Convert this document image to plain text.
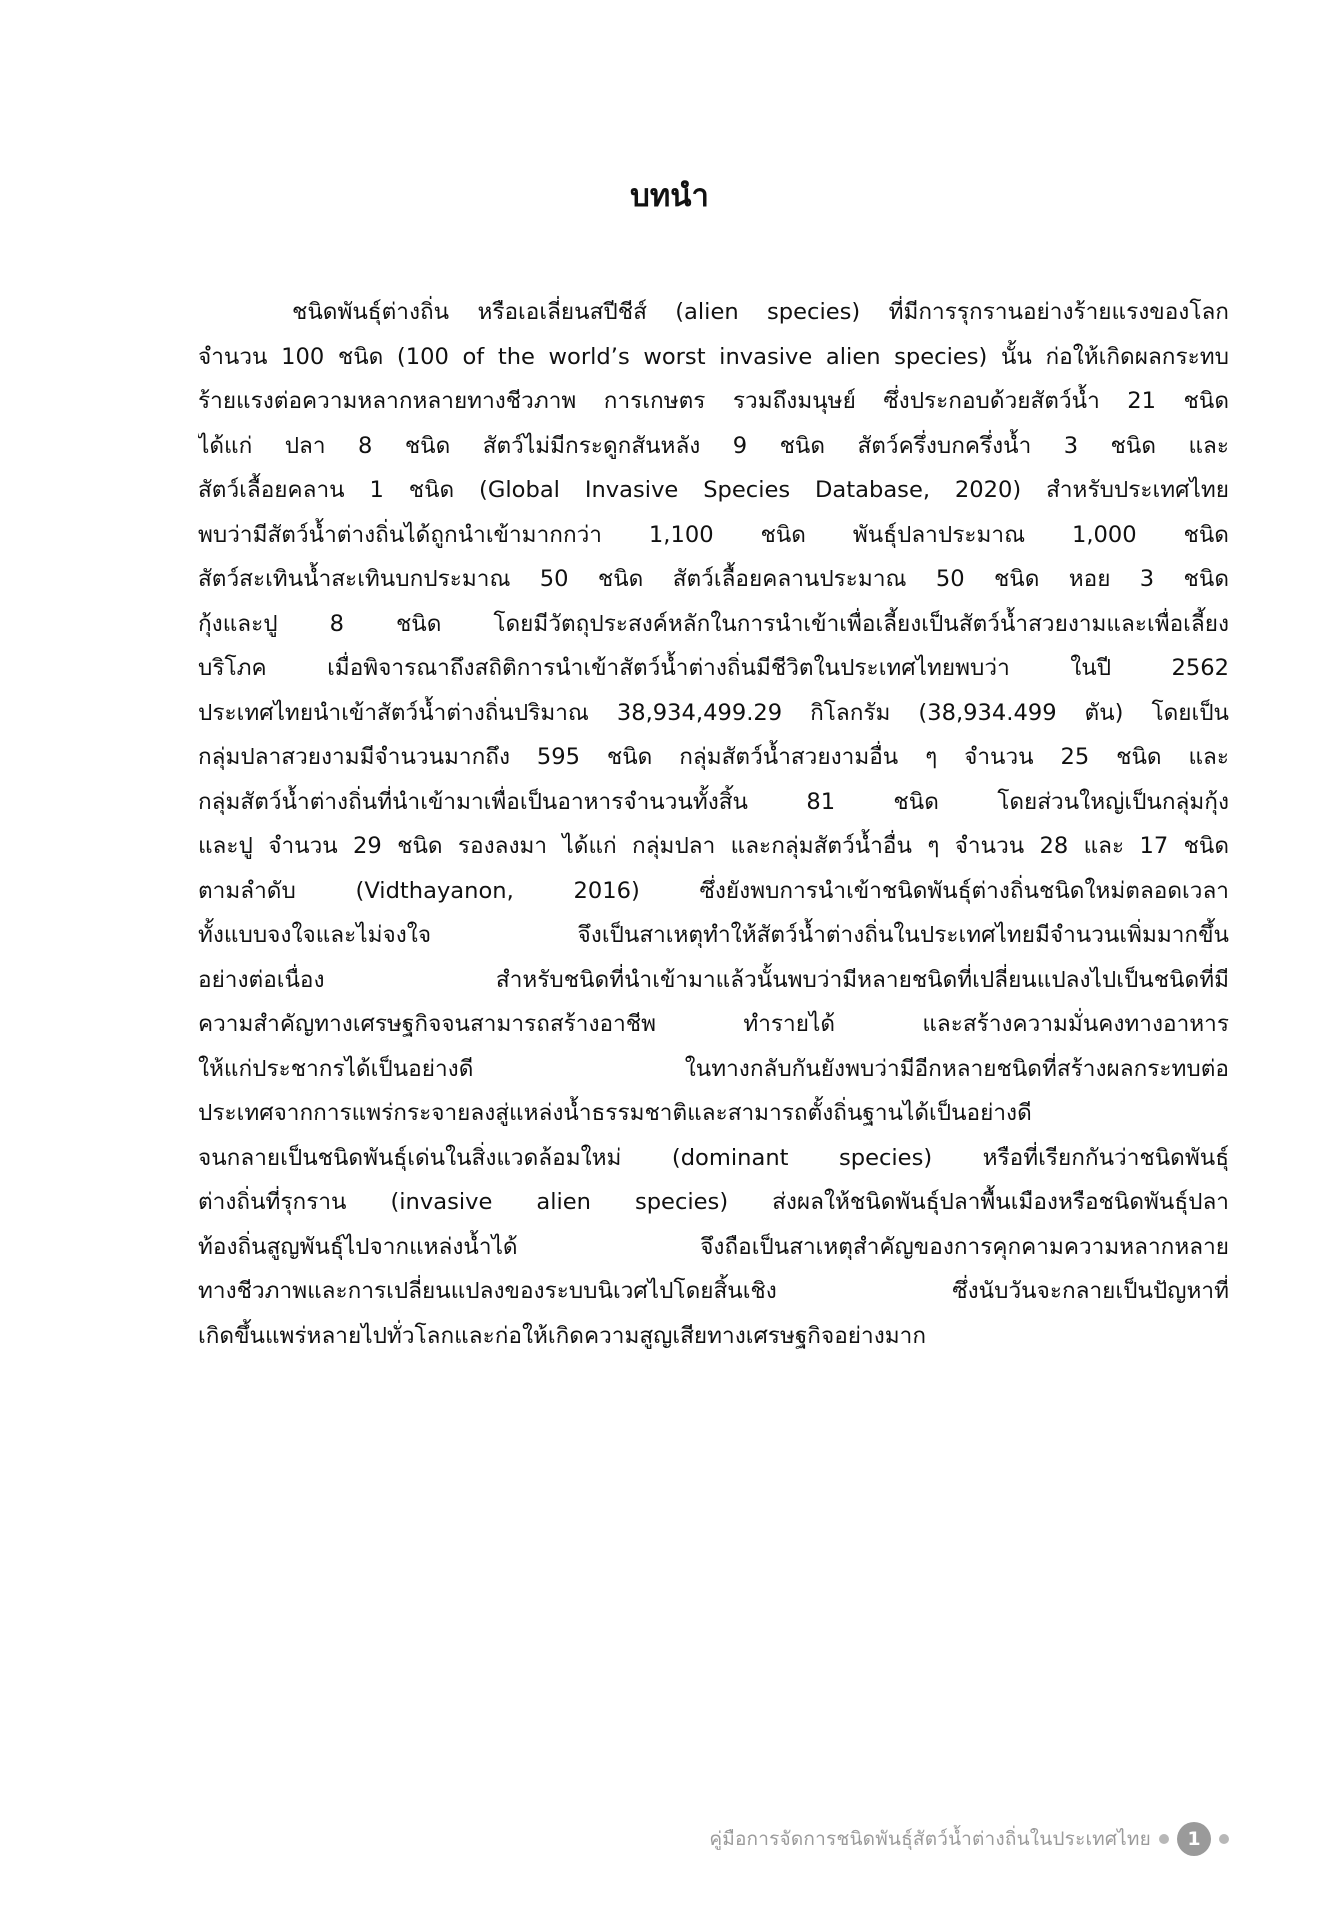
บทนำ
ชนิดพันธุ์ต่างถิ่น หรือเอเลี่ยนสปีชีส์ (alien species) ที่มีการรุกรานอย่างร้ายแรงของโลก
จำนวน 100 ชนิด (100 of the world’s worst invasive alien species) นั้น ก่อให้เกิดผลกระทบ
ร้ายแรงต่อความหลากหลายทางชีวภาพ การเกษตร รวมถึงมนุษย์ ซึ่งประกอบด้วยสัตว์น้ำ 21 ชนิด
ได้แก่ ปลา 8 ชนิด สัตว์ไม่มีกระดูกสันหลัง 9 ชนิด สัตว์ครึ่งบกครึ่งน้ำ 3 ชนิด และ
สัตว์เลื้อยคลาน 1 ชนิด (Global Invasive Species Database, 2020) สำหรับประเทศไทย
พบว่ามีสัตว์น้ำต่างถิ่นได้ถูกนำเข้ามากกว่า 1,100 ชนิด พันธุ์ปลาประมาณ 1,000 ชนิด
สัตว์สะเทินน้ำสะเทินบกประมาณ 50 ชนิด สัตว์เลื้อยคลานประมาณ 50 ชนิด หอย 3 ชนิด
กุ้งและปู 8 ชนิด โดยมีวัตถุประสงค์หลักในการนำเข้าเพื่อเลี้ยงเป็นสัตว์น้ำสวยงามและเพื่อเลี้ยง
บริโภค เมื่อพิจารณาถึงสถิติการนำเข้าสัตว์น้ำต่างถิ่นมีชีวิตในประเทศไทยพบว่า ในปี 2562
ประเทศไทยนำเข้าสัตว์น้ำต่างถิ่นปริมาณ 38,934,499.29 กิโลกรัม (38,934.499 ตัน) โดยเป็น
กลุ่มปลาสวยงามมีจำนวนมากถึง 595 ชนิด กลุ่มสัตว์น้ำสวยงามอื่น ๆ จำนวน 25 ชนิด และ
กลุ่มสัตว์น้ำต่างถิ่นที่นำเข้ามาเพื่อเป็นอาหารจำนวนทั้งสิ้น 81 ชนิด โดยส่วนใหญ่เป็นกลุ่มกุ้ง
และปู จำนวน 29 ชนิด รองลงมา ได้แก่ กลุ่มปลา และกลุ่มสัตว์น้ำอื่น ๆ จำนวน 28 และ 17 ชนิด
ตามลำดับ (Vidthayanon, 2016) ซึ่งยังพบการนำเข้าชนิดพันธุ์ต่างถิ่นชนิดใหม่ตลอดเวลา
ทั้งแบบจงใจและไม่จงใจ จึงเป็นสาเหตุทำให้สัตว์น้ำต่างถิ่นในประเทศไทยมีจำนวนเพิ่มมากขึ้น
อย่างต่อเนื่อง สำหรับชนิดที่นำเข้ามาแล้วนั้นพบว่ามีหลายชนิดที่เปลี่ยนแปลงไปเป็นชนิดที่มี
ความสำคัญทางเศรษฐกิจจนสามารถสร้างอาชีพ ทำรายได้ และสร้างความมั่นคงทางอาหาร
ให้แก่ประชากรได้เป็นอย่างดี ในทางกลับกันยังพบว่ามีอีกหลายชนิดที่สร้างผลกระทบต่อ
ประเทศจากการแพร่กระจายลงสู่แหล่งน้ำธรรมชาติและสามารถตั้งถิ่นฐานได้เป็นอย่างดี
จนกลายเป็นชนิดพันธุ์เด่นในสิ่งแวดล้อมใหม่ (dominant species) หรือที่เรียกกันว่าชนิดพันธุ์
ต่างถิ่นที่รุกราน (invasive alien species) ส่งผลให้ชนิดพันธุ์ปลาพื้นเมืองหรือชนิดพันธุ์ปลา
ท้องถิ่นสูญพันธุ์ไปจากแหล่งน้ำได้ จึงถือเป็นสาเหตุสำคัญของการคุกคามความหลากหลาย
ทางชีวภาพและการเปลี่ยนแปลงของระบบนิเวศไปโดยสิ้นเชิง ซึ่งนับวันจะกลายเป็นปัญหาที่
เกิดขึ้นแพร่หลายไปทั่วโลกและก่อให้เกิดความสูญเสียทางเศรษฐกิจอย่างมาก
คู่มือการจัดการชนิดพันธุ์สัตว์น้ำต่างถิ่นในประเทศไทย	1
